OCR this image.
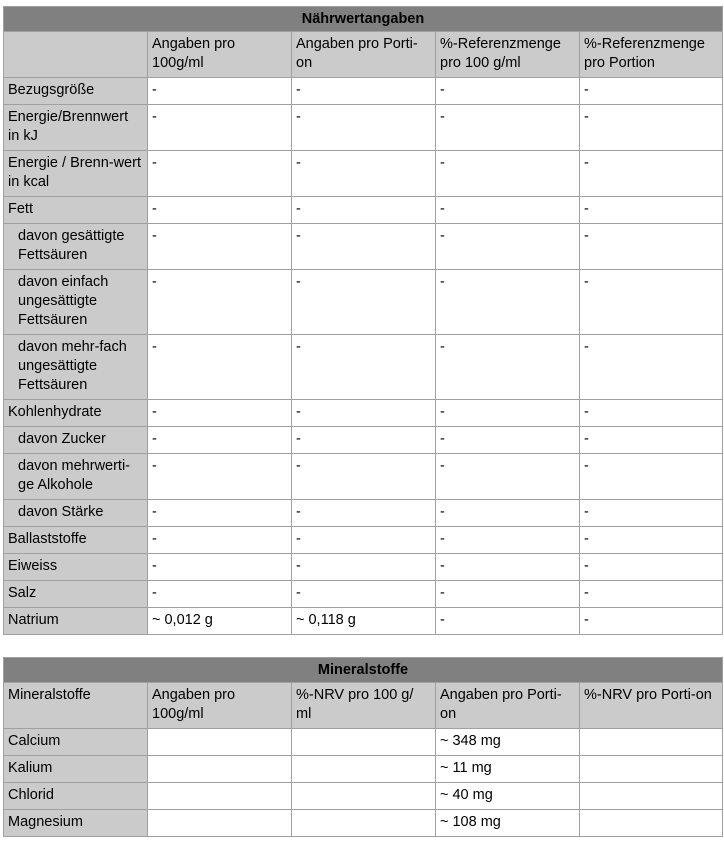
Nährwertangaben				
	Angaben pro 100g/ml	Angaben pro Porti-on	%-Referenzmenge pro 100 g/ml	%-Referenzmenge pro Portion
Bezugsgröße	-	-	-	-
Energie/Brennwert in kJ	-	-	-	-
Energie / Brenn-wert in kcal	-	-	-	-
Fett	-	-	-	-
davon gesättigte Fettsäuren	-	-	-	-
davon einfach ungesättigte Fettsäuren	-	-	-	-
davon mehr-fach ungesättigte Fettsäuren	-	-	-	-
Kohlenhydrate	-	-	-	-
davon Zucker	-	-	-	-
davon mehrwerti-ge Alkohole	-	-	-	-
davon Stärke	-	-	-	-
Ballaststoffe	-	-	-	-
Eiweiss	-	-	-	-
Salz	-	-	-	-
Natrium	~ 0,012 g	~ 0,118 g	-	-
Mineralstoffe				
Mineralstoffe	Angaben pro 100g/ml	%-NRV pro 100 g/ ml	Angaben pro Porti-on	%-NRV pro Porti-on
Calcium			~ 348 mg	
Kalium			~ 11 mg	
Chlorid			~ 40 mg	
Magnesium			~ 108 mg	
